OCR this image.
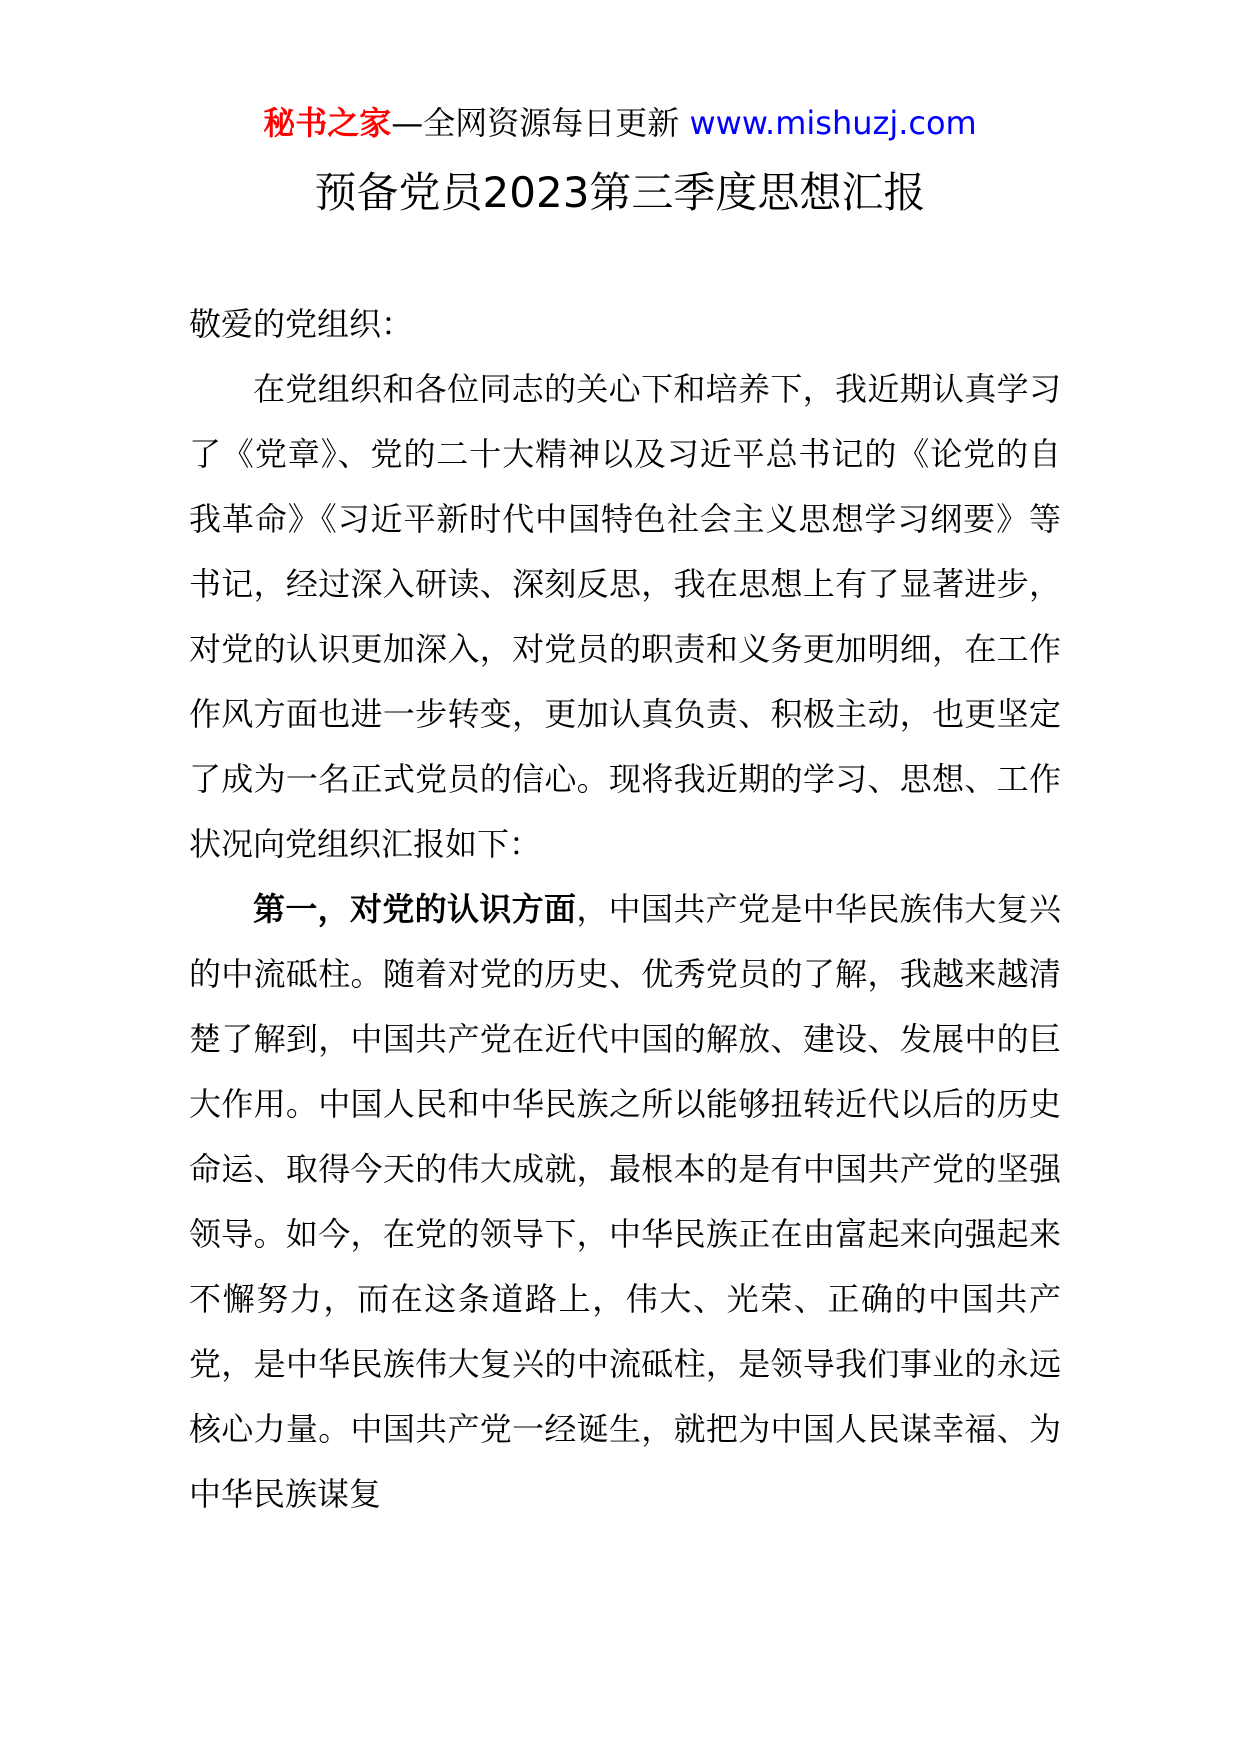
秘书之家—全网资源每日更新 www.mishuzj.com
预备党员2023第三季度思想汇报

敬爱的党组织：

在党组织和各位同志的关心下和培养下，我近期认真学习了《党章》、党的二十大精神以及习近平总书记的《论党的自我革命》《习近平新时代中国特色社会主义思想学习纲要》等书记，经过深入研读、深刻反思，我在思想上有了显著进步，对党的认识更加深入，对党员的职责和义务更加明细，在工作作风方面也进一步转变，更加认真负责、积极主动，也更坚定了成为一名正式党员的信心。现将我近期的学习、思想、工作状况向党组织汇报如下：

第一，对党的认识方面，中国共产党是中华民族伟大复兴的中流砥柱。随着对党的历史、优秀党员的了解，我越来越清楚了解到，中国共产党在近代中国的解放、建设、发展中的巨大作用。中国人民和中华民族之所以能够扭转近代以后的历史命运、取得今天的伟大成就，最根本的是有中国共产党的坚强领导。如今，在党的领导下，中华民族正在由富起来向强起来不懈努力，而在这条道路上，伟大、光荣、正确的中国共产党，是中华民族伟大复兴的中流砥柱，是领导我们事业的永远核心力量。中国共产党一经诞生，就把为中国人民谋幸福、为中华民族谋复
